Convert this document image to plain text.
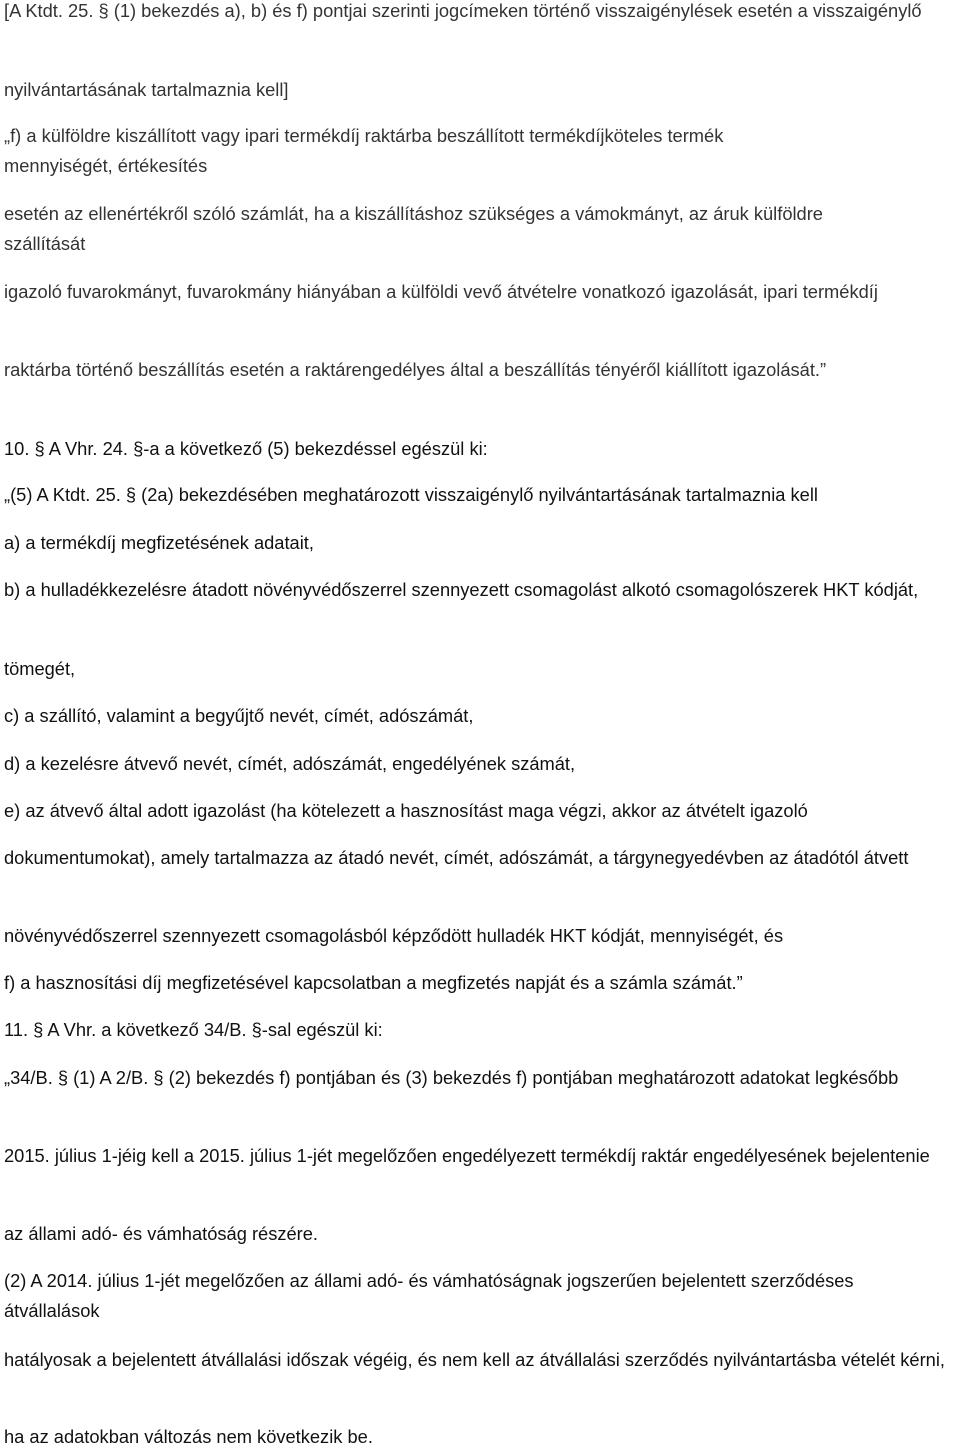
[A Ktdt. 25. § (1) bekezdés a), b) és f) pontjai szerinti jogcímeken történő visszaigénylések esetén a visszaigénylő
nyilvántartásának tartalmaznia kell]
„f) a külföldre kiszállított vagy ipari termékdíj raktárba beszállított termékdíjköteles termék mennyiségét, értékesítés
esetén az ellenértékről szóló számlát, ha a kiszállításhoz szükséges a vámokmányt, az áruk külföldre szállítását
igazoló fuvarokmányt, fuvarokmány hiányában a külföldi vevő átvételre vonatkozó igazolását, ipari termékdíj
raktárba történő beszállítás esetén a raktárengedélyes által a beszállítás tényéről kiállított igazolását.”
10. § A Vhr. 24. §-a a következő (5) bekezdéssel egészül ki:
„(5) A Ktdt. 25. § (2a) bekezdésében meghatározott visszaigénylő nyilvántartásának tartalmaznia kell
a) a termékdíj megfizetésének adatait,
b) a hulladékkezelésre átadott növényvédőszerrel szennyezett csomagolást alkotó csomagolószerek HKT kódját,
tömegét,
c) a szállító, valamint a begyűjtő nevét, címét, adószámát,
d) a kezelésre átvevő nevét, címét, adószámát, engedélyének számát,
e) az átvevő által adott igazolást (ha kötelezett a hasznosítást maga végzi, akkor az átvételt igazoló
dokumentumokat), amely tartalmazza az átadó nevét, címét, adószámát, a tárgynegyedévben az átadótól átvett
növényvédőszerrel szennyezett csomagolásból képződött hulladék HKT kódját, mennyiségét, és
f) a hasznosítási díj megfizetésével kapcsolatban a megfizetés napját és a számla számát.”
11. § A Vhr. a következő 34/B. §-sal egészül ki:
„34/B. § (1) A 2/B. § (2) bekezdés f) pontjában és (3) bekezdés f) pontjában meghatározott adatokat legkésőbb
2015. július 1-jéig kell a 2015. július 1-jét megelőzően engedélyezett termékdíj raktár engedélyesének bejelentenie
az állami adó- és vámhatóság részére.
(2) A 2014. július 1-jét megelőzően az állami adó- és vámhatóságnak jogszerűen bejelentett szerződéses átvállalások
hatályosak a bejelentett átvállalási időszak végéig, és nem kell az átvállalási szerződés nyilvántartásba vételét kérni,
ha az adatokban változás nem következik be.
